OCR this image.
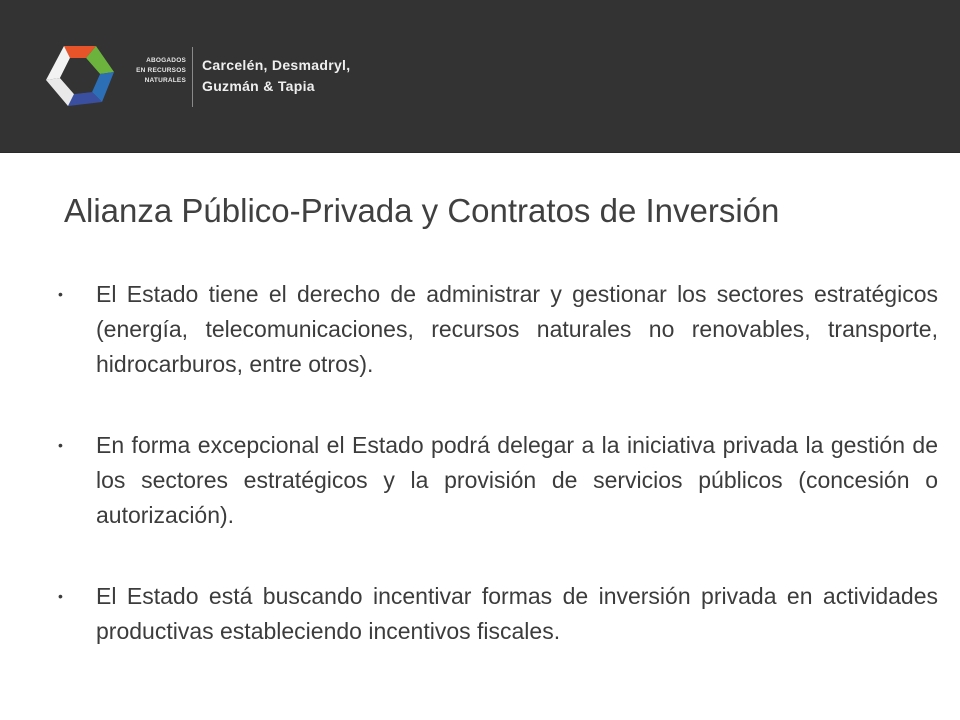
ABOGADOS
EN RECURSOS
NATURALES
Carcelén, Desmadryl,
Guzmán & Tapia
Alianza Público-Privada y Contratos de Inversión
• El Estado tiene el derecho de administrar y gestionar los sectores estratégicos (energía, telecomunicaciones, recursos naturales no renovables, transporte, hidrocarburos, entre otros).
• En forma excepcional el Estado podrá delegar a la iniciativa privada la gestión de los sectores estratégicos y la provisión de servicios públicos (concesión o autorización).
• El Estado está buscando incentivar formas de inversión privada en actividades productivas estableciendo incentivos fiscales.
